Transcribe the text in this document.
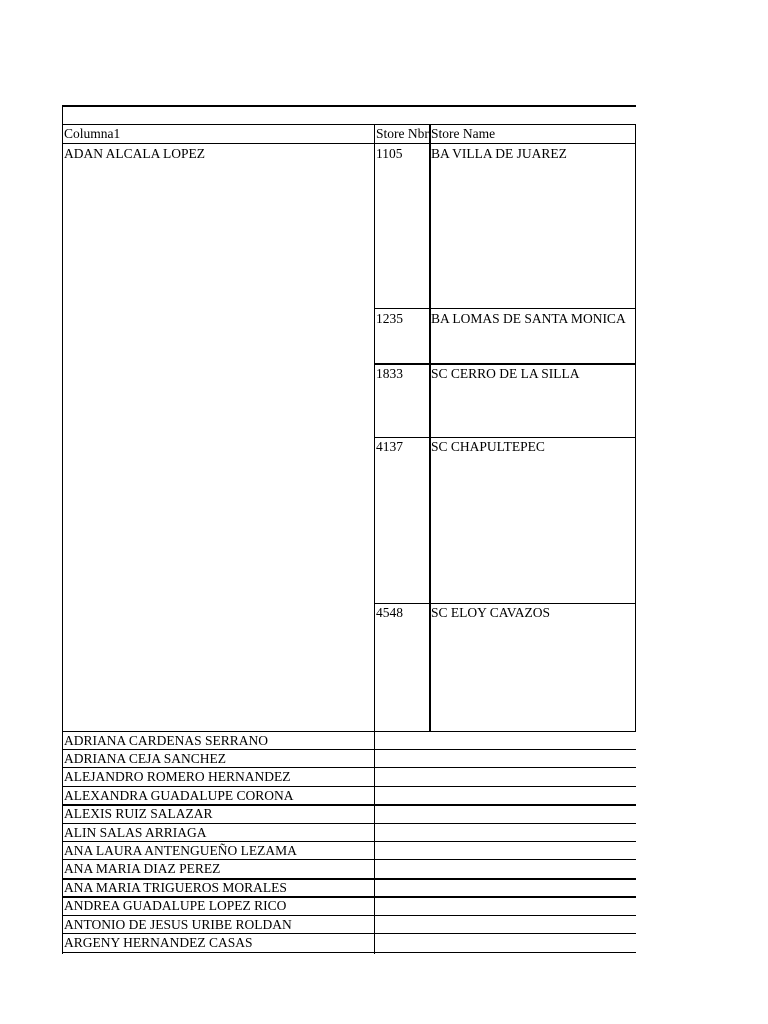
Columna1	Store Nbr Store Name
ADAN ALCALA LOPEZ	1105 BA VILLA DE JUAREZ
1235 BA LOMAS DE SANTA MONICA
1833 SC CERRO DE LA SILLA
4137 SC CHAPULTEPEC
4548 SC ELOY CAVAZOS
ADRIANA CARDENAS SERRANO
ADRIANA CEJA SANCHEZ
ALEJANDRO ROMERO HERNANDEZ
ALEXANDRA GUADALUPE CORONA
ALEXIS RUIZ SALAZAR
ALIN SALAS ARRIAGA
ANA LAURA ANTENGUEÑO LEZAMA
ANA MARIA DIAZ PEREZ
ANA MARIA TRIGUEROS MORALES
ANDREA GUADALUPE LOPEZ RICO
ANTONIO DE JESUS URIBE ROLDAN
ARGENY HERNANDEZ CASAS
